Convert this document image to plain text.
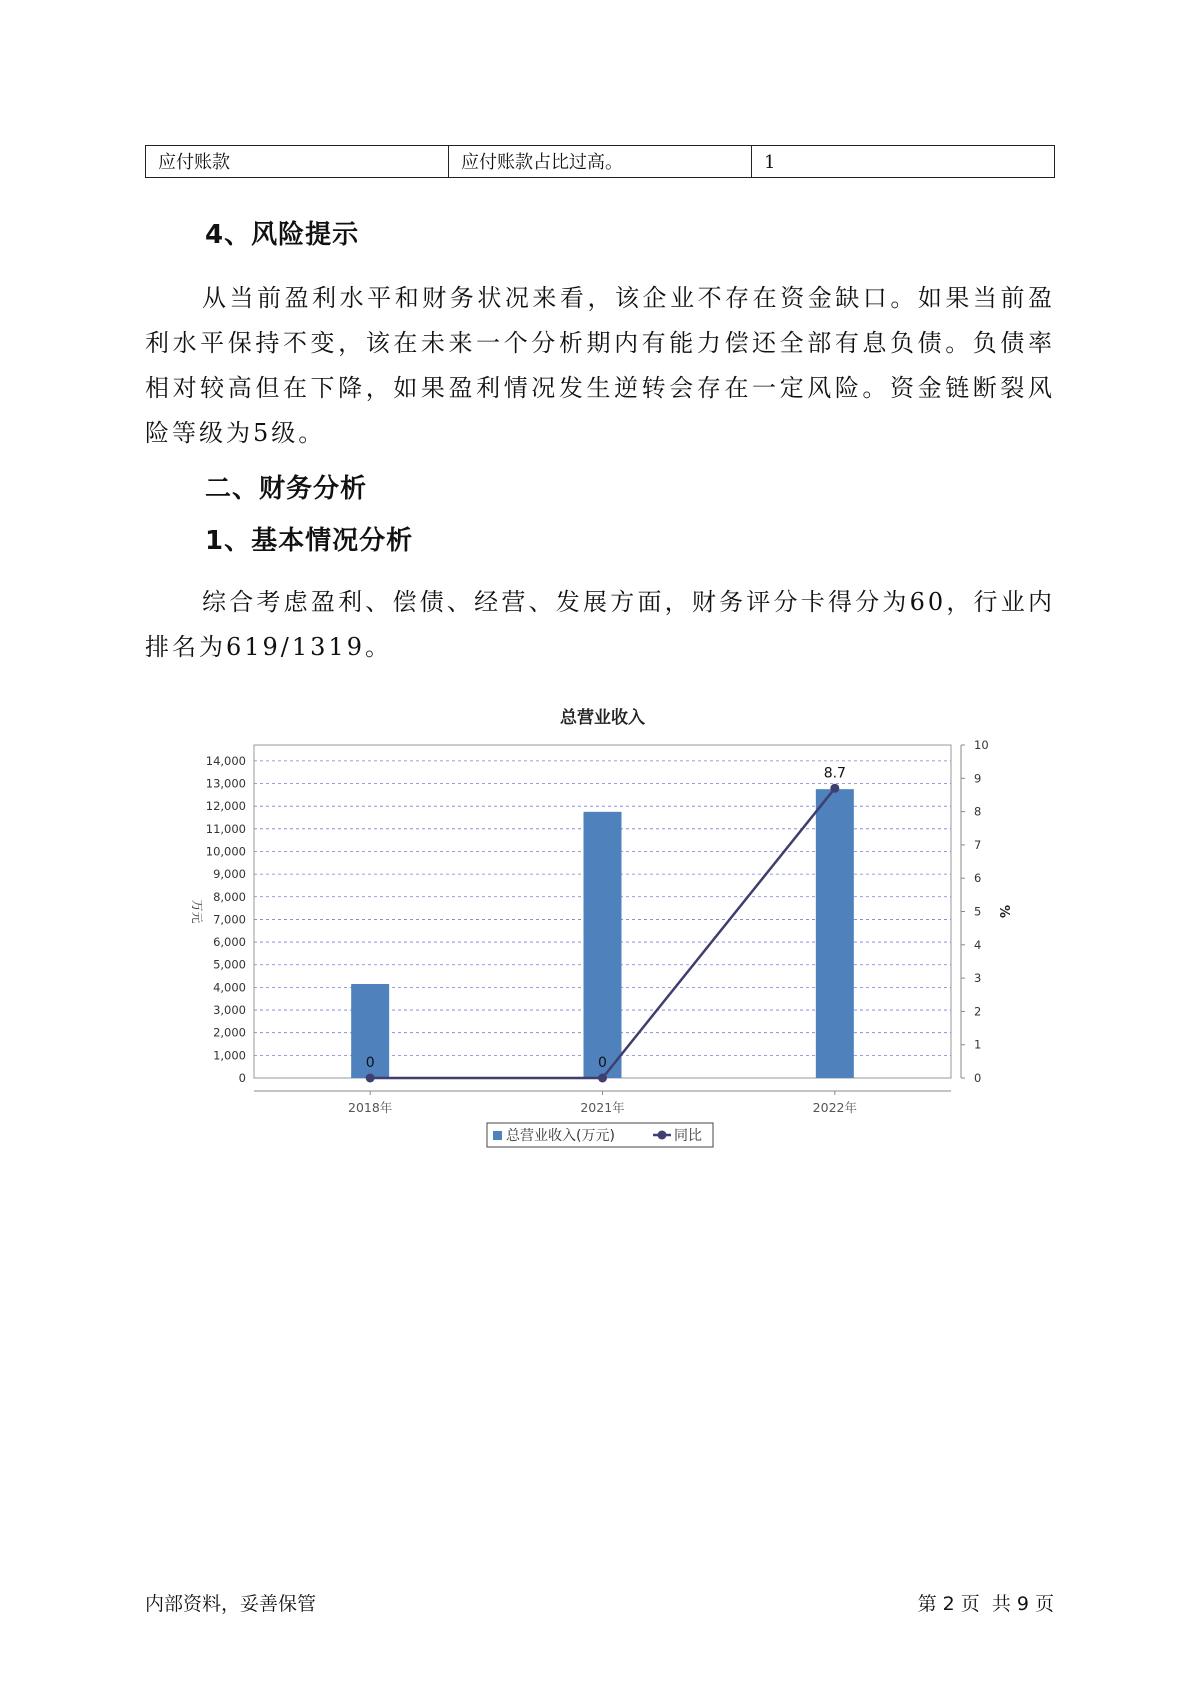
应付账款	应付账款占比过高。	1
4、风险提示

从当前盈利水平和财务状况来看，该企业不存在资金缺口。如果当前盈利水平保持不变，该在未来一个分析期内有能力偿还全部有息负债。负债率相对较高但在下降，如果盈利情况发生逆转会存在一定风险。资金链断裂风险等级为5级。

二、财务分析
1、基本情况分析

综合考虑盈利、偿债、经营、发展方面，财务评分卡得分为60，行业内排名为619/1319。

总营业收入
0
1,000
2,000
3,000
4,000
5,000
6,000
7,000
8,000
9,000
10,000
11,000
12,000
13,000
14,000
万元
0
1
2
3
4
5
6
7
8
9
10
%
2018年	2021年	2022年
0	0
8.7
总营业收入(万元)	同比
内部资料，妥善保管	第 2 页  共 9 页
